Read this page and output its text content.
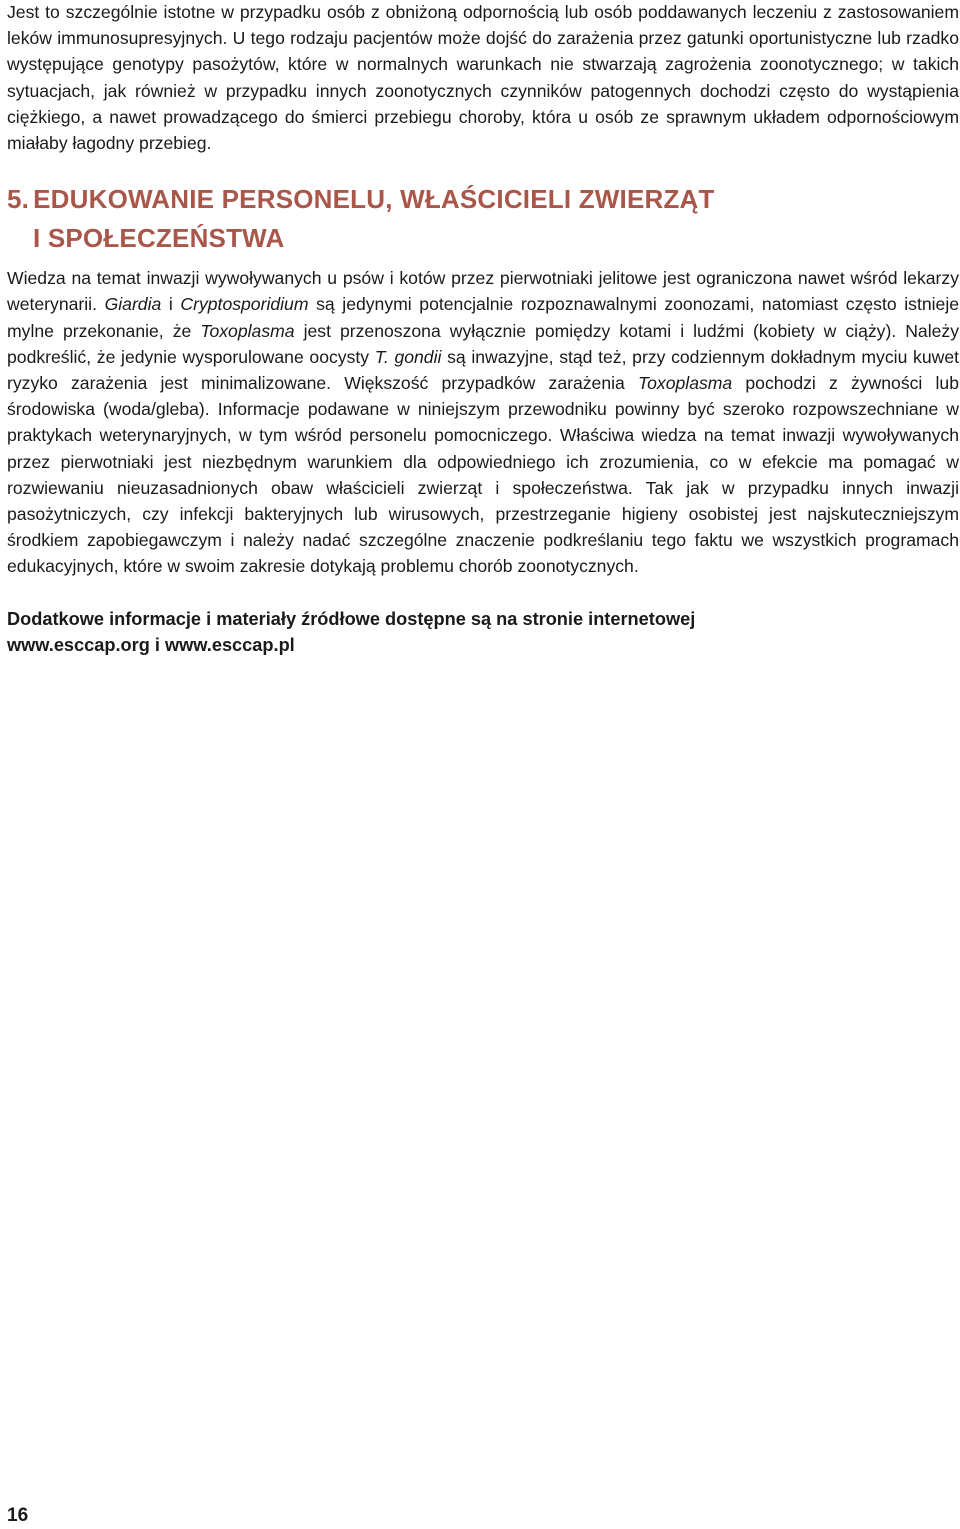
Jest to szczególnie istotne w przypadku osób z obniżoną odpornością lub osób poddawanych leczeniu z zastosowaniem leków immunosupresyjnych. U tego rodzaju pacjentów może dojść do zarażenia przez gatunki oportunistyczne lub rzadko występujące genotypy pasożytów, które w normalnych warunkach nie stwarzają zagrożenia zoonotycznego; w takich sytuacjach, jak również w przypadku innych zoonotycznych czynników patogennych dochodzi często do wystąpienia ciężkiego, a nawet prowadzącego do śmierci przebiegu choroby, która u osób ze sprawnym układem odpornościowym miałaby łagodny przebieg.

5. EDUKOWANIE PERSONELU, WŁAŚCICIELI ZWIERZĄT
I SPOŁECZEŃSTWA

Wiedza na temat inwazji wywoływanych u psów i kotów przez pierwotniaki jelitowe jest ograniczona nawet wśród lekarzy weterynarii. Giardia i Cryptosporidium są jedynymi potencjalnie rozpoznawalnymi zoonozami, natomiast często istnieje mylne przekonanie, że Toxoplasma jest przenoszona wyłącznie pomiędzy kotami i ludźmi (kobiety w ciąży). Należy podkreślić, że jedynie wysporulowane oocysty T. gondii są inwazyjne, stąd też, przy codziennym dokładnym myciu kuwet ryzyko zarażenia jest minimalizowane. Większość przypadków zarażenia Toxoplasma pochodzi z żywności lub środowiska (woda/gleba). Informacje podawane w niniejszym przewodniku powinny być szeroko rozpowszechniane w praktykach weterynaryjnych, w tym wśród personelu pomocniczego. Właściwa wiedza na temat inwazji wywoływanych przez pierwotniaki jest niezbędnym warunkiem dla odpowiedniego ich zrozumienia, co w efekcie ma pomagać w rozwiewaniu nieuzasadnionych obaw właścicieli zwierząt i społeczeństwa. Tak jak w przypadku innych inwazji pasożytniczych, czy infekcji bakteryjnych lub wirusowych, przestrzeganie higieny osobistej jest najskuteczniejszym środkiem zapobiegawczym i należy nadać szczególne znaczenie podkreślaniu tego faktu we wszystkich programach edukacyjnych, które w swoim zakresie dotykają problemu chorób zoonotycznych.

Dodatkowe informacje i materiały źródłowe dostępne są na stronie internetowej
www.esccap.org i www.esccap.pl

16
